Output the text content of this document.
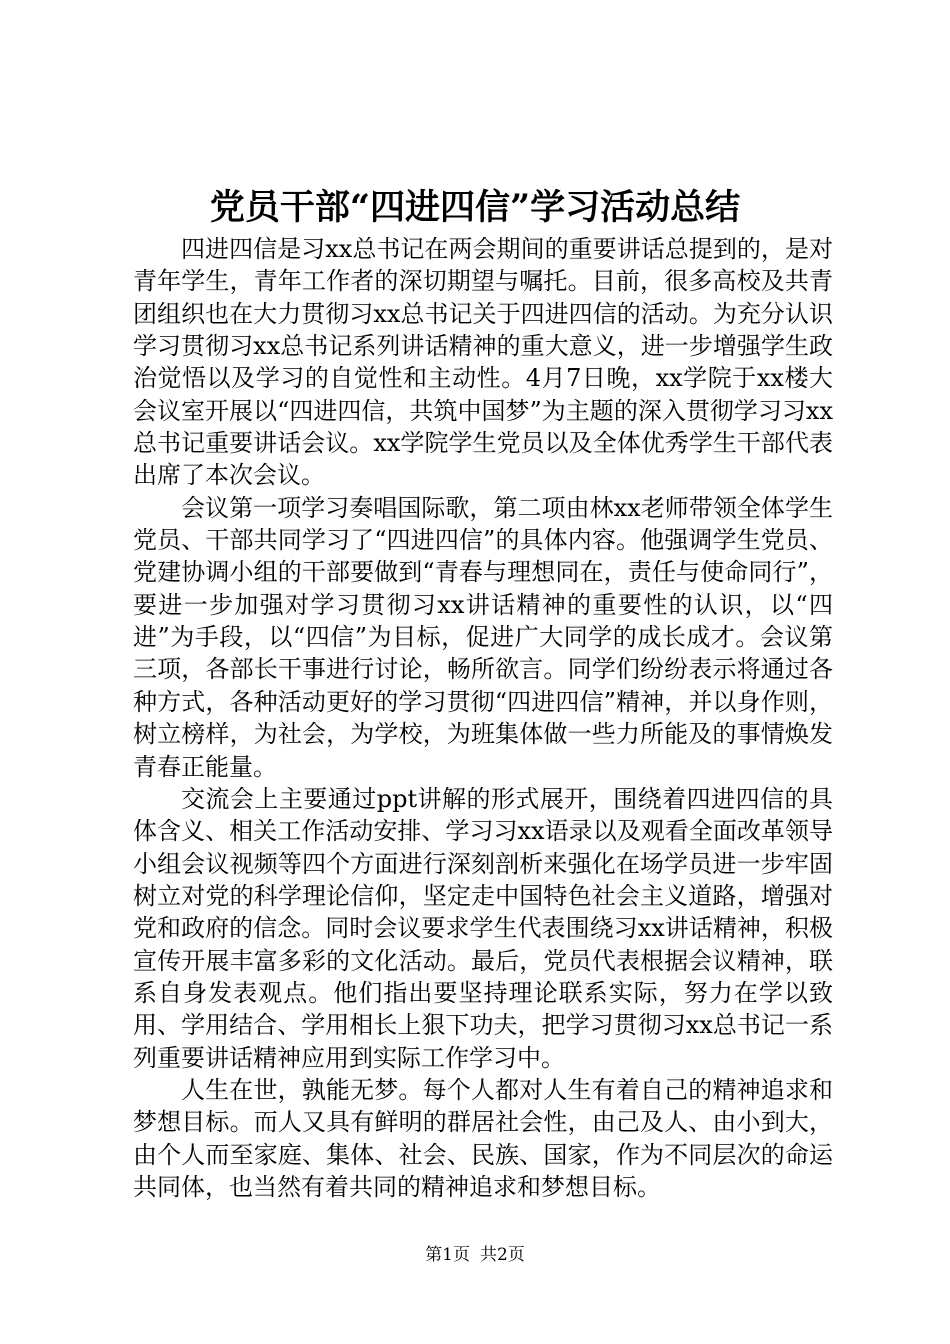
党员干部“四进四信”学习活动总结

四进四信是习xx总书记在两会期间的重要讲话总提到的，是对青年学生，青年工作者的深切期望与嘱托。目前，很多高校及共青团组织也在大力贯彻习xx总书记关于四进四信的活动。为充分认识学习贯彻习xx总书记系列讲话精神的重大意义，进一步增强学生政治觉悟以及学习的自觉性和主动性。4月7日晚，xx学院于xx楼大会议室开展以“四进四信，共筑中国梦”为主题的深入贯彻学习习xx总书记重要讲话会议。xx学院学生党员以及全体优秀学生干部代表出席了本次会议。

会议第一项学习奏唱国际歌，第二项由林xx老师带领全体学生党员、干部共同学习了“四进四信”的具体内容。他强调学生党员、党建协调小组的干部要做到“青春与理想同在，责任与使命同行”，要进一步加强对学习贯彻习xx讲话精神的重要性的认识，以“四进”为手段，以“四信”为目标，促进广大同学的成长成才。会议第三项，各部长干事进行讨论，畅所欲言。同学们纷纷表示将通过各种方式，各种活动更好的学习贯彻“四进四信”精神，并以身作则，树立榜样，为社会，为学校，为班集体做一些力所能及的事情焕发青春正能量。

交流会上主要通过ppt讲解的形式展开，围绕着四进四信的具体含义、相关工作活动安排、学习习xx语录以及观看全面改革领导小组会议视频等四个方面进行深刻剖析来强化在场学员进一步牢固树立对党的科学理论信仰，坚定走中国特色社会主义道路，增强对党和政府的信念。同时会议要求学生代表围绕习xx讲话精神，积极宣传开展丰富多彩的文化活动。最后，党员代表根据会议精神，联系自身发表观点。他们指出要坚持理论联系实际，努力在学以致用、学用结合、学用相长上狠下功夫，把学习贯彻习xx总书记一系列重要讲话精神应用到实际工作学习中。

人生在世，孰能无梦。每个人都对人生有着自己的精神追求和梦想目标。而人又具有鲜明的群居社会性，由己及人、由小到大，由个人而至家庭、集体、社会、民族、国家，作为不同层次的命运共同体，也当然有着共同的精神追求和梦想目标。

第1页 共2页
